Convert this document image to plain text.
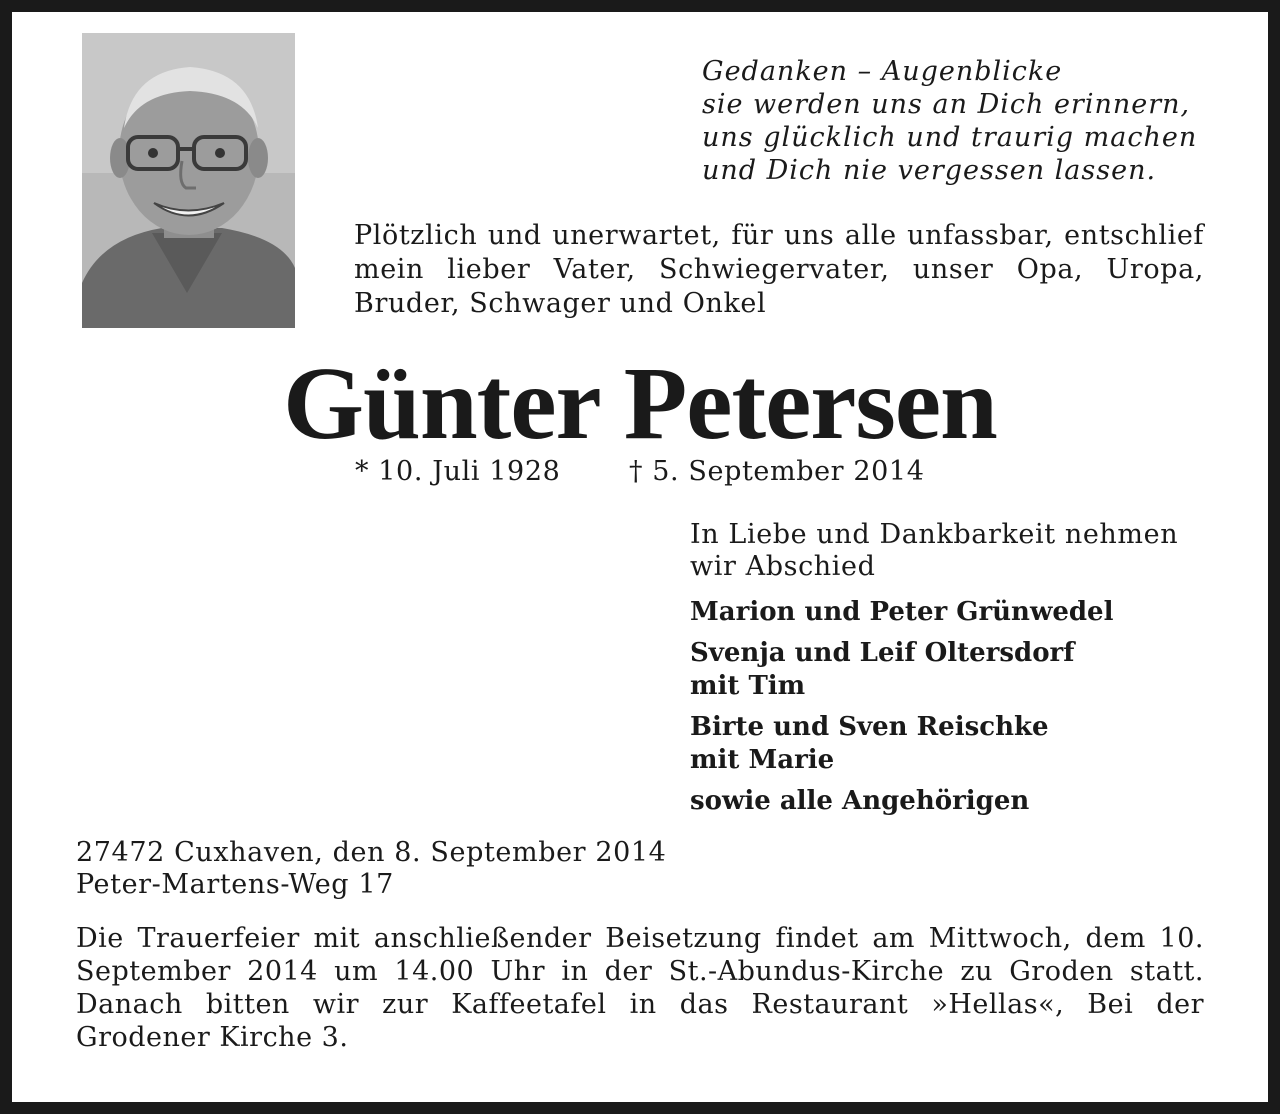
Gedanken – Augenblicke
sie werden uns an Dich erinnern,
uns glücklich und traurig machen
und Dich nie vergessen lassen.
Plötzlich und unerwartet, für uns alle unfassbar, entschlief mein lieber Vater, Schwiegervater, unser Opa, Uropa, Bruder, Schwager und Onkel
Günter Petersen
* 10. Juli 1928	† 5. September 2014
In Liebe und Dankbarkeit nehmen wir Abschied
Marion und Peter Grünwedel
Svenja und Leif Oltersdorf
mit Tim
Birte und Sven Reischke
mit Marie
sowie alle Angehörigen
27472 Cuxhaven, den 8. September 2014
Peter-Martens-Weg 17
Die Trauerfeier mit anschließender Beisetzung findet am Mittwoch, dem 10. September 2014 um 14.00 Uhr in der St.-Abundus-Kirche zu Groden statt. Danach bitten wir zur Kaffeetafel in das Restaurant »Hellas«, Bei der Grodener Kirche 3.
